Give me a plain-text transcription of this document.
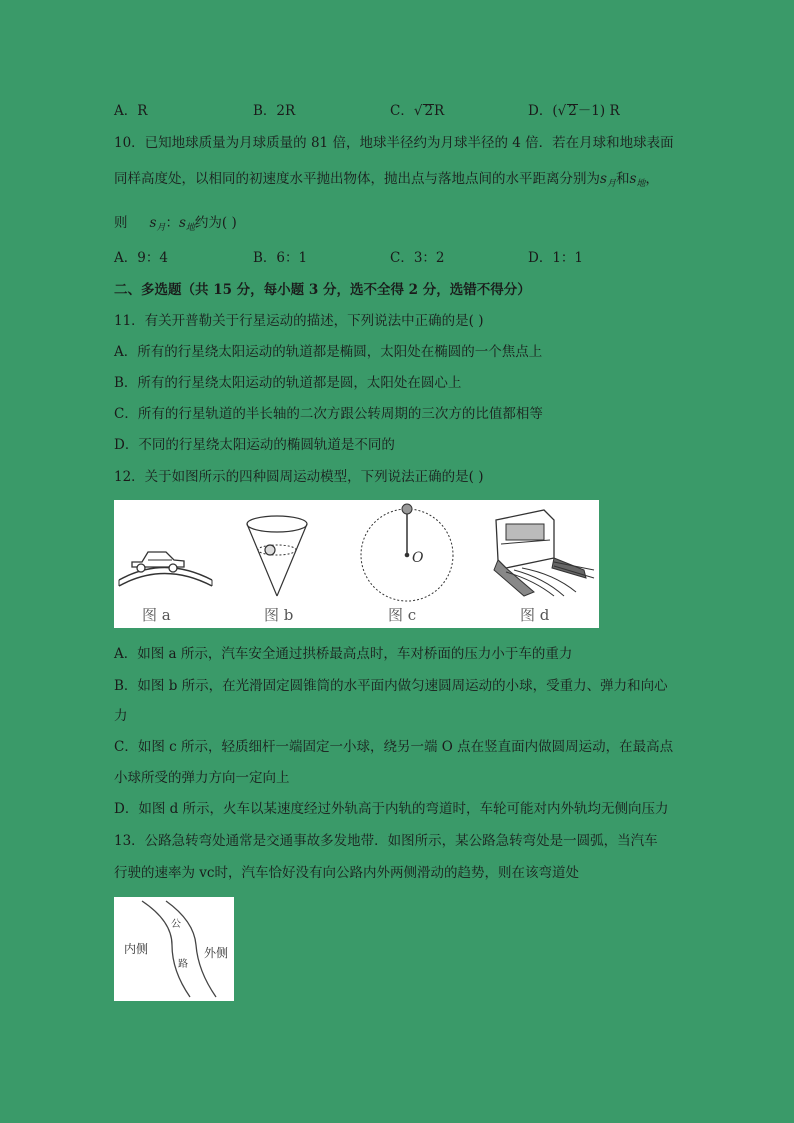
A．R	B．2R	C．√ 2R	D．(√ 2－1) R
10．已知地球质量为月球质量的 81 倍，地球半径约为月球半径的 4 倍．若在月球和地球表面
同样高度处，以相同的初速度水平抛出物体，抛出点与落地点间的水平距离分别为$s_月$和$s_地$，
则 $s_月$：$s_地$约为( )
A．9：4	B．6：1	C．3：2	D．1：1
二、多选题（共 15 分，每小题 3 分，选不全得 2 分，选错不得分）
11．有关开普勒关于行星运动的描述，下列说法中正确的是( )
A．所有的行星绕太阳运动的轨道都是椭圆，太阳处在椭圆的一个焦点上
B．所有的行星绕太阳运动的轨道都是圆，太阳处在圆心上
C．所有的行星轨道的半长轴的二次方跟公转周期的三次方的比值都相等
D．不同的行星绕太阳运动的椭圆轨道是不同的
12．关于如图所示的四种圆周运动模型，下列说法正确的是( )
O
图 a	图 b	图 c	图 d
A．如图 a 所示，汽车安全通过拱桥最高点时，车对桥面的压力小于车的重力
B．如图 b 所示，在光滑固定圆锥筒的水平面内做匀速圆周运动的小球，受重力、弹力和向心
力
C．如图 c 所示，轻质细杆一端固定一小球，绕另一端 O 点在竖直面内做圆周运动，在最高点
小球所受的弹力方向一定向上
D．如图 d 所示，火车以某速度经过外轨高于内轨的弯道时，车轮可能对内外轨均无侧向压力
13．公路急转弯处通常是交通事故多发地带．如图所示，某公路急转弯处是一圆弧，当汽车
行驶的速率为 vc时，汽车恰好没有向公路内外两侧滑动的趋势，则在该弯道处
内侧
公
路
外侧
